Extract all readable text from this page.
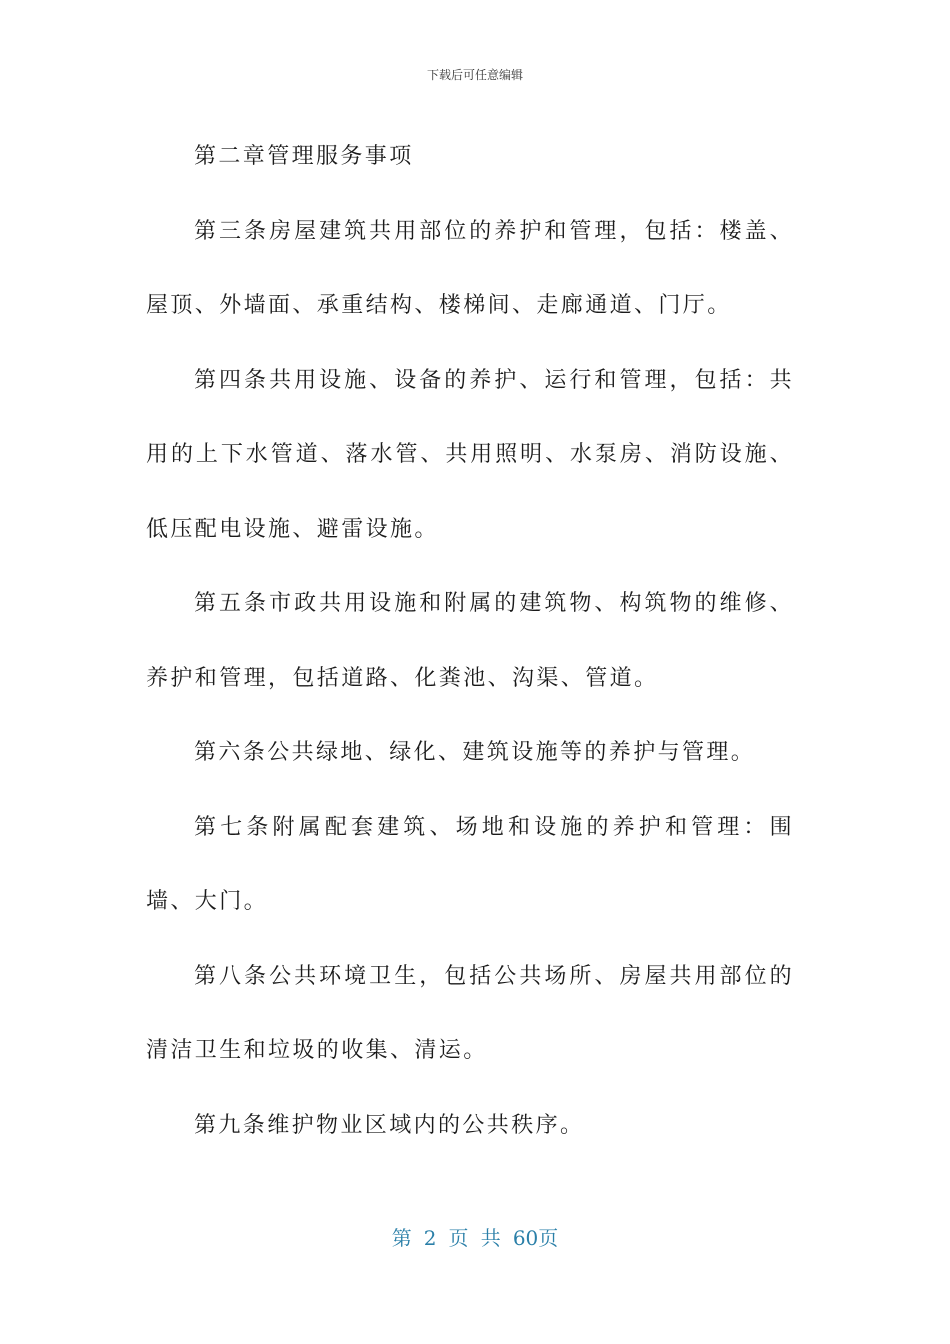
下载后可任意编辑

第二章管理服务事项

第三条房屋建筑共用部位的养护和管理，包括：楼盖、屋顶、外墙面、承重结构、楼梯间、走廊通道、门厅。

第四条共用设施、设备的养护、运行和管理，包括：共用的上下水管道、落水管、共用照明、水泵房、消防设施、低压配电设施、避雷设施。

第五条市政共用设施和附属的建筑物、构筑物的维修、养护和管理，包括道路、化粪池、沟渠、管道。

第六条公共绿地、绿化、建筑设施等的养护与管理。

第七条附属配套建筑、场地和设施的养护和管理：围墙、大门。

第八条公共环境卫生，包括公共场所、房屋共用部位的清洁卫生和垃圾的收集、清运。

第九条维护物业区域内的公共秩序。

第 2 页 共 60页
